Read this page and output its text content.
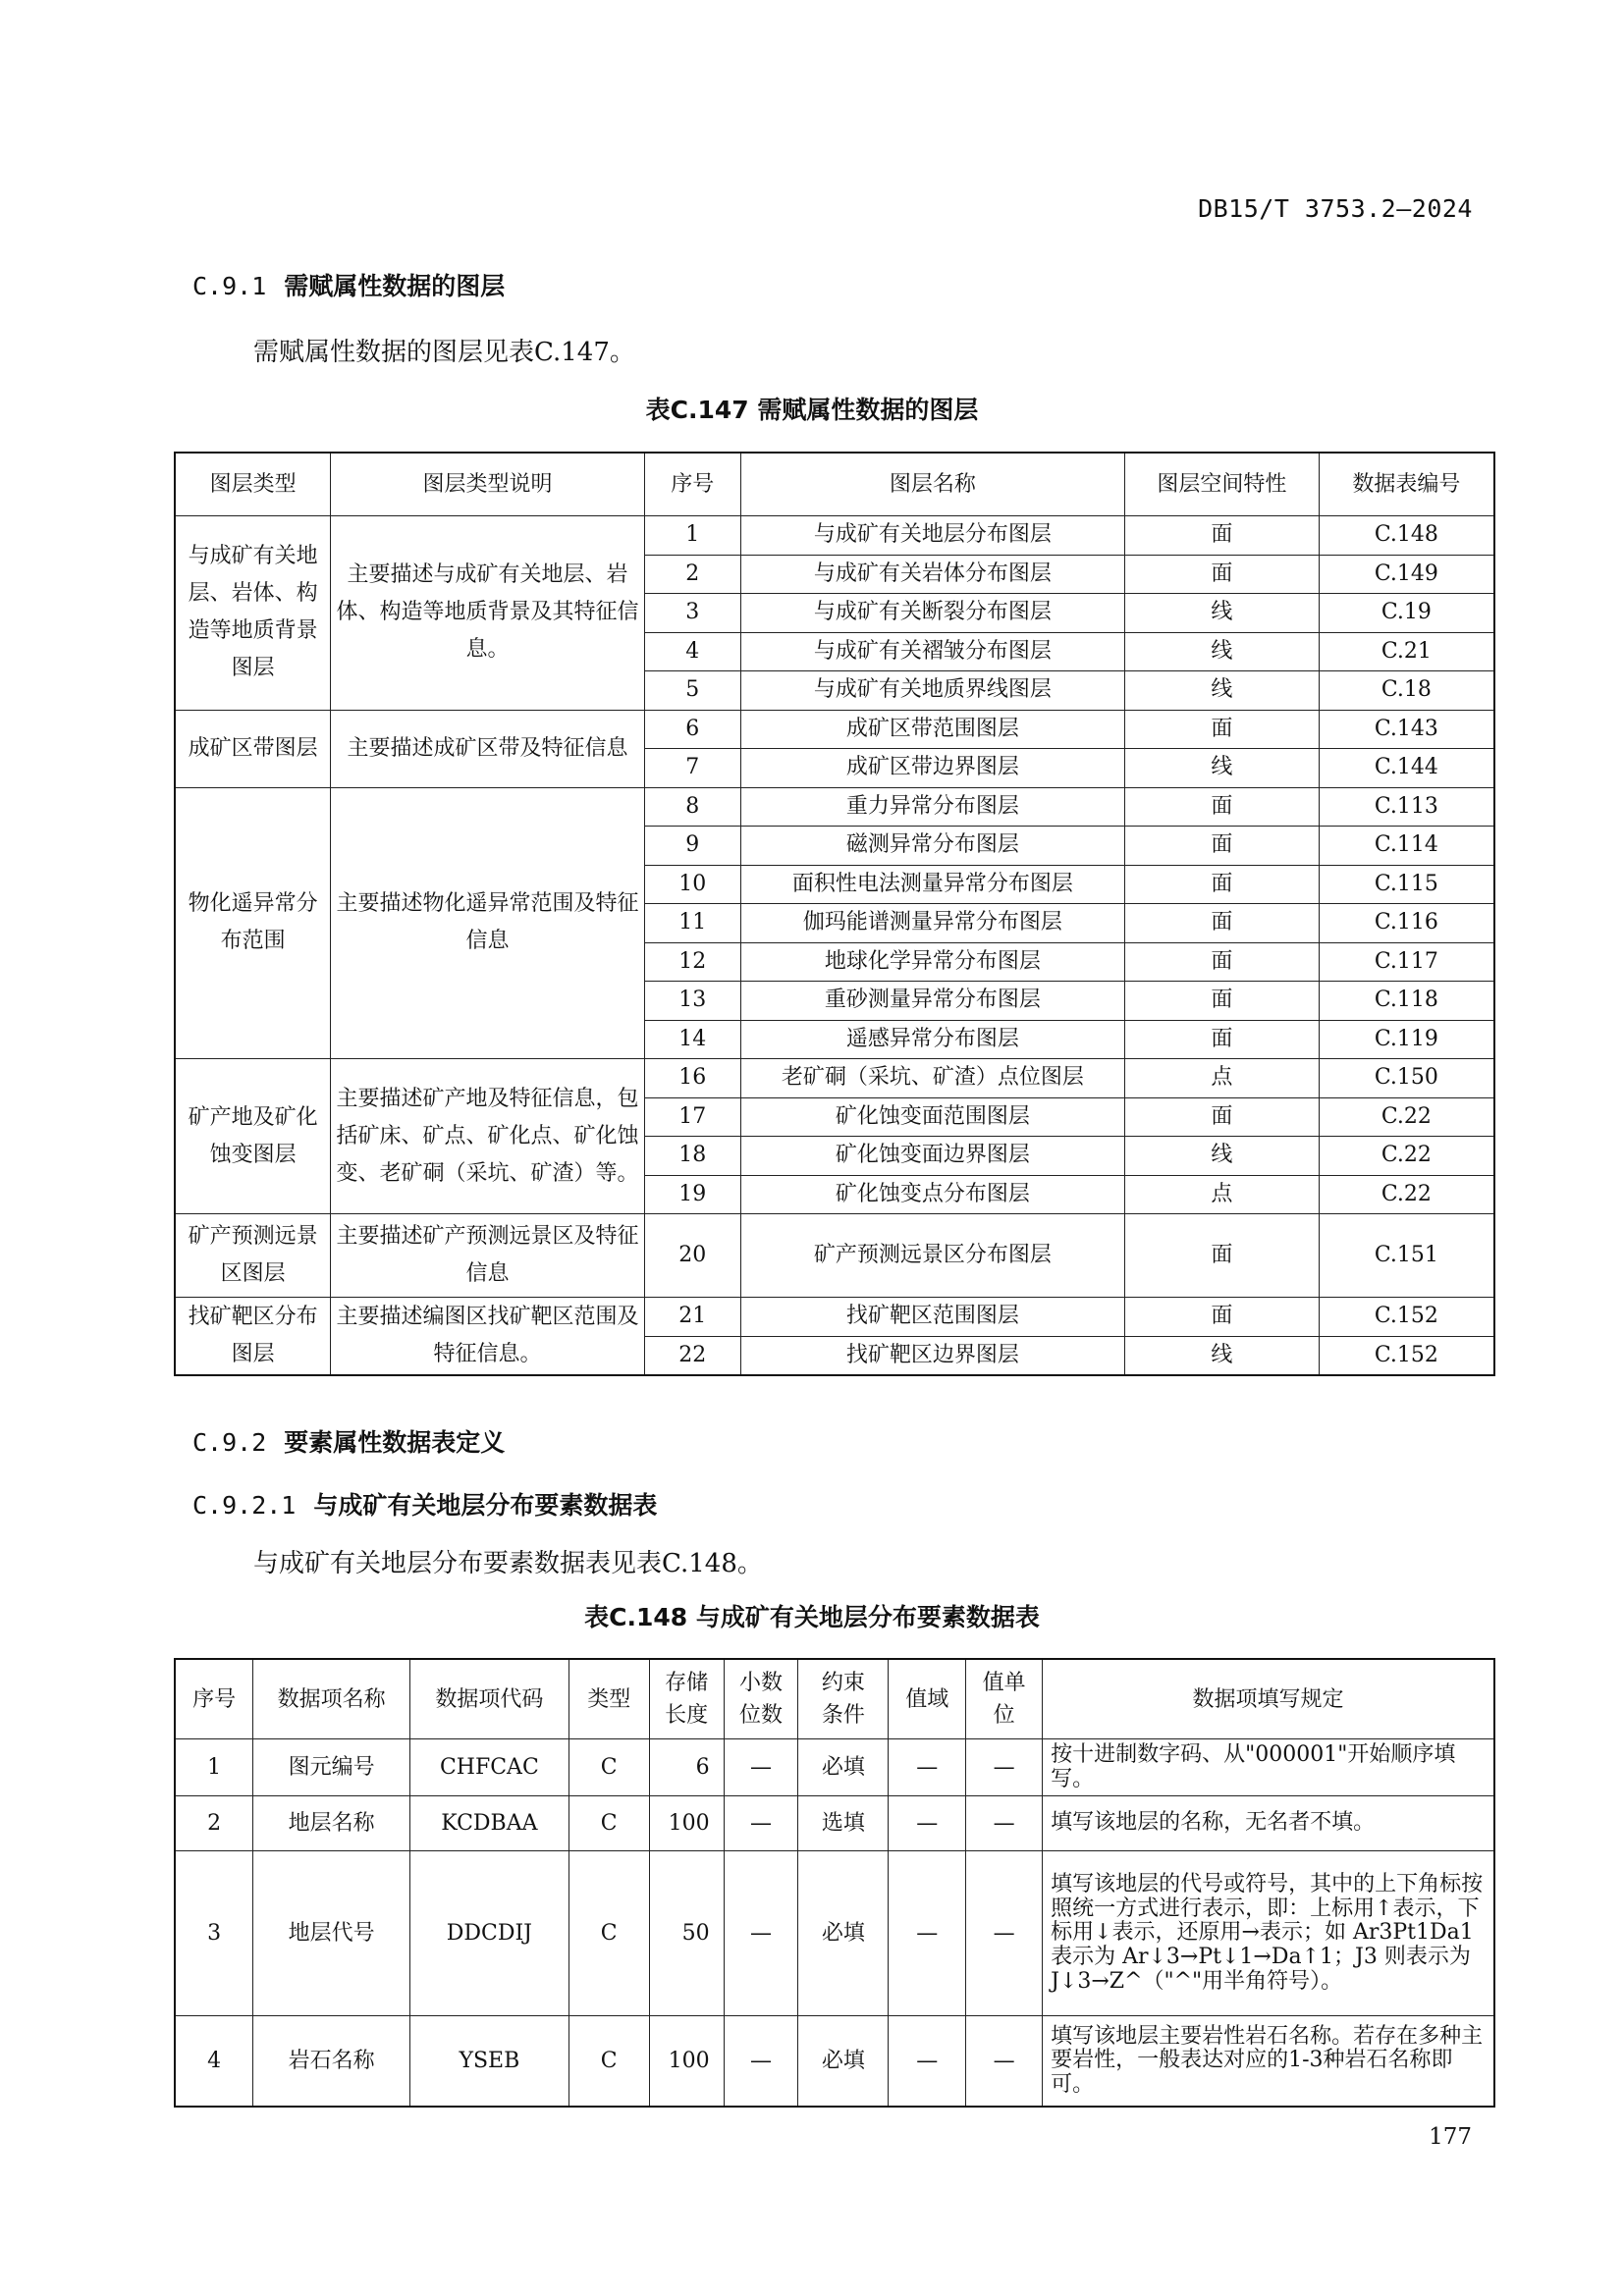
DB15/T 3753.2—2024
C.9.1 需赋属性数据的图层
需赋属性数据的图层见表C.147。
表C.147 需赋属性数据的图层
图层类型	图层类型说明	序号	图层名称	图层空间特性	数据表编号
与成矿有关地层、岩体、构造等地质背景图层	主要描述与成矿有关地层、岩体、构造等地质背景及其特征信息。	1	与成矿有关地层分布图层	面	C.148
		2	与成矿有关岩体分布图层	面	C.149
		3	与成矿有关断裂分布图层	线	C.19
		4	与成矿有关褶皱分布图层	线	C.21
		5	与成矿有关地质界线图层	线	C.18
成矿区带图层	主要描述成矿区带及特征信息	6	成矿区带范围图层	面	C.143
		7	成矿区带边界图层	线	C.144
物化遥异常分布范围	主要描述物化遥异常范围及特征信息	8	重力异常分布图层	面	C.113
		9	磁测异常分布图层	面	C.114
		10	面积性电法测量异常分布图层	面	C.115
		11	伽玛能谱测量异常分布图层	面	C.116
		12	地球化学异常分布图层	面	C.117
		13	重砂测量异常分布图层	面	C.118
		14	遥感异常分布图层	面	C.119
矿产地及矿化蚀变图层	主要描述矿产地及特征信息，包括矿床、矿点、矿化点、矿化蚀变、老矿硐（采坑、矿渣）等。	16	老矿硐（采坑、矿渣）点位图层	点	C.150
		17	矿化蚀变面范围图层	面	C.22
		18	矿化蚀变面边界图层	线	C.22
		19	矿化蚀变点分布图层	点	C.22
矿产预测远景区图层	主要描述矿产预测远景区及特征信息	20	矿产预测远景区分布图层	面	C.151
找矿靶区分布图层	主要描述编图区找矿靶区范围及特征信息。	21	找矿靶区范围图层	面	C.152
		22	找矿靶区边界图层	线	C.152
C.9.2 要素属性数据表定义
C.9.2.1 与成矿有关地层分布要素数据表
与成矿有关地层分布要素数据表见表C.148。
表C.148 与成矿有关地层分布要素数据表
序号	数据项名称	数据项代码	类型	存储长度	小数位数	约束条件	值域	值单位	数据项填写规定
1	图元编号	CHFCAC	C	6	—	必填	—	—	按十进制数字码、从"000001"开始顺序填写。
2	地层名称	KCDBAA	C	100	—	选填	—	—	填写该地层的名称，无名者不填。
3	地层代号	DDCDIJ	C	50	—	必填	—	—	填写该地层的代号或符号，其中的上下角标按照统一方式进行表示，即：上标用↑表示，下标用↓表示，还原用→表示；如 Ar3Pt1Da1 表示为 Ar↓3→Pt↓1→Da↑1；J3 则表示为 J↓3→Z^（"^"用半角符号）。
4	岩石名称	YSEB	C	100	—	必填	—	—	填写该地层主要岩性岩石名称。若存在多种主要岩性，一般表达对应的1-3种岩石名称即可。
177
